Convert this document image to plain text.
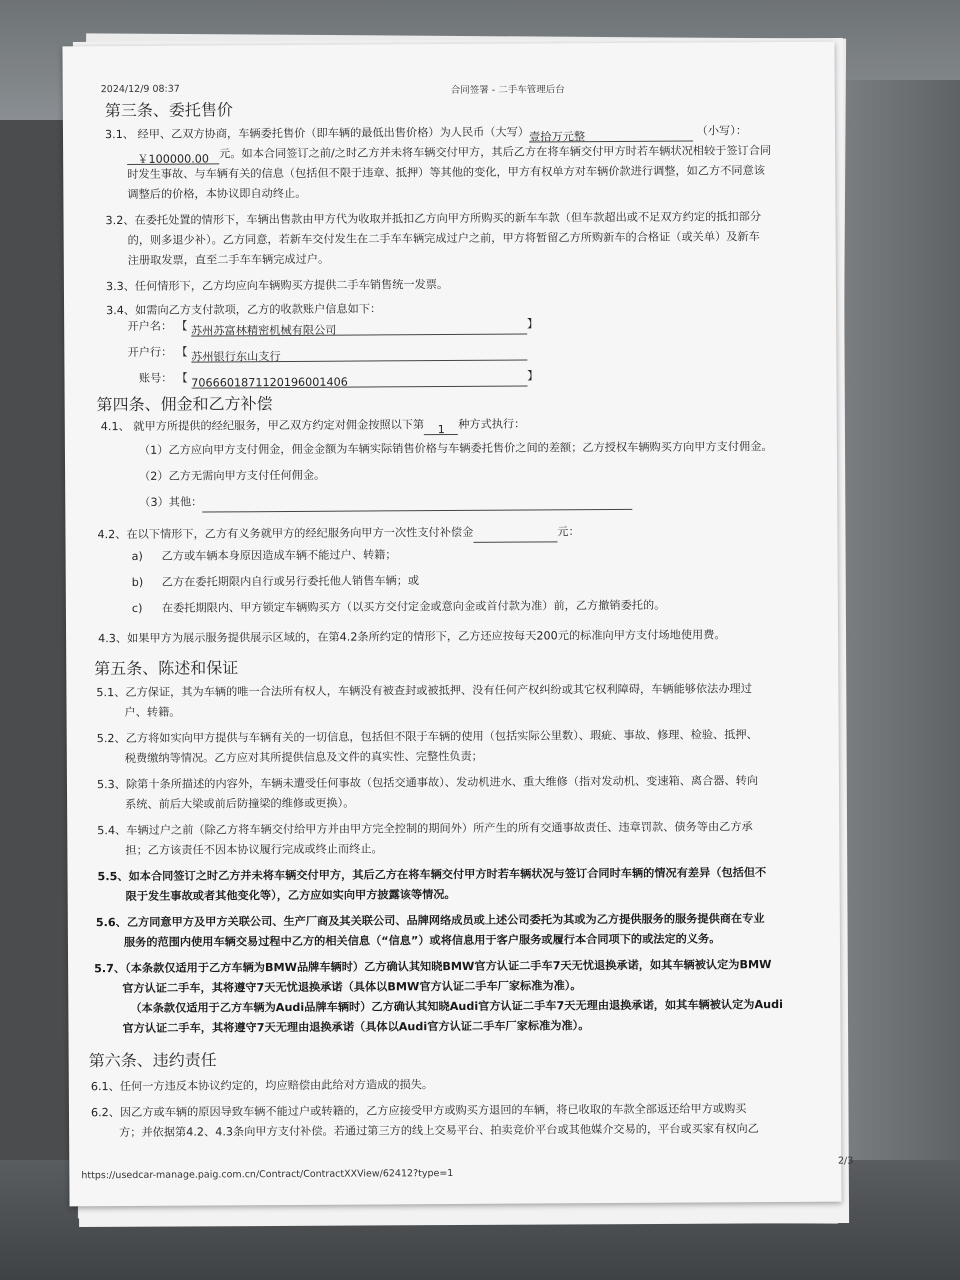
2024/12/9 08:37	合同签署 - 二手车管理后台
第三条、委托售价
3.1、 经甲、乙双方协商，车辆委托售价（即车辆的最低出售价格）为人民币（大写）壹拾万元整	（小写）：
￥100000.00 元。如本合同签订之前/之时乙方并未将车辆交付甲方，其后乙方在将车辆交付甲方时若车辆状况相较于签订合同
时发生事故、与车辆有关的信息（包括但不限于违章、抵押）等其他的变化，甲方有权单方对车辆价款进行调整，如乙方不同意该
调整后的价格，本协议即自动终止。
3.2、在委托处置的情形下，车辆出售款由甲方代为收取并抵扣乙方向甲方所购买的新车车款（但车款超出或不足双方约定的抵扣部分
的，则多退少补）。乙方同意，若新车交付发生在二手车车辆完成过户之前，甲方将暂留乙方所购新车的合格证（或关单）及新车
注册取发票，直至二手车车辆完成过户。
3.3、任何情形下，乙方均应向车辆购买方提供二手车销售统一发票。
3.4、如需向乙方支付款项，乙方的收款账户信息如下：
开户名： 【 苏州苏富林精密机械有限公司	】
开户行： 【 苏州银行东山支行
账号： 【 706660187112019600140​6	】
第四条、佣金和乙方补偿
4.1、 就甲方所提供的经纪服务，甲乙双方约定对佣金按照以下第 1 种方式执行：
（1）乙方应向甲方支付佣金，佣金金额为车辆实际销售价格与车辆委托售价之间的差额；乙方授权车辆购买方向甲方支付佣金。
（2）乙方无需向甲方支付任何佣金。
（3）其他：
4.2、在以下情形下，乙方有义务就甲方的经纪服务向甲方一次性支付补偿金	元：
a) 乙方或车辆本身原因造成车辆不能过户、转籍；
b) 乙方在委托期限内自行或另行委托他人销售车辆；或
c) 在委托期限内、甲方锁定车辆购买方（以买方交付定金或意向金或首付款为准）前，乙方撤销委托的。
4.3、如果甲方为展示服务提供展示区域的，在第4.2条所约定的情形下，乙方还应按每天200元的标准向甲方支付场地使用费。
第五条、陈述和保证
5.1、乙方保证，其为车辆的唯一合法所有权人，车辆没有被查封或被抵押、没有任何产权纠纷或其它权利障碍，车辆能够依法办理过
户、转籍。
5.2、乙方将如实向甲方提供与车辆有关的一切信息，包括但不限于车辆的使用（包括实际公里数）、瑕疵、事故、修理、检验、抵押、
税费缴纳等情况。乙方应对其所提供信息及文件的真实性、完整性负责；
5.3、除第十条所描述的内容外，车辆未遭受任何事故（包括交通事故）、发动机进水、重大维修（指对发动机、变速箱、离合器、转向
系统、前后大梁或前后防撞梁的维修或更换）。
5.4、车辆过户之前（除乙方将车辆交付给甲方并由甲方完全控制的期间外）所产生的所有交通事故责任、违章罚款、债务等由乙方承
担；乙方该责任不因本协议履行完成或终止而终止。
5.5、如本合同签订之时乙方并未将车辆交付甲方，其后乙方在将车辆交付甲方时若车辆状况与签订合同时车辆的情况有差异（包括但不
限于发生事故或者其他变化等），乙方应如实向甲方披露该等情况。
5.6、乙方同意甲方及甲方关联公司、生产厂商及其关联公司、品牌网络成员或上述公司委托为其或为乙方提供服务的服务提供商在专业
服务的范围内使用车辆交易过程中乙方的相关信息（“信息”）或将信息用于客户服务或履行本合同项下的或法定的义务。
5.7、（本条款仅适用于乙方车辆为BMW品牌车辆时）乙方确认其知晓BMW官方认证二手车7天无忧退换承诺，如其车辆被认定为BMW
官方认证二手车，其将遵守7天无忧退换承诺（具体以BMW官方认证二手车厂家标准为准）。
（本条款仅适用于乙方车辆为Audi品牌车辆时）乙方确认其知晓Audi官方认证二手车7天无理由退换承诺，如其车辆被认定为Audi
官方认证二手车，其将遵守7天无理由退换承诺（具体以Audi官方认证二手车厂家标准为准）。
第六条、违约责任
6.1、任何一方违反本协议约定的，均应赔偿由此给对方造成的损失。
6.2、因乙方或车辆的原因导致车辆不能过户或转籍的，乙方应接受甲方或购买方退回的车辆，将已收取的车款全部返还给甲方或购买
方；并依据第4.2、4.3条向甲方支付补偿。若通过第三方的线上交易平台、拍卖竞价平台或其他媒介交易的，平台或买家有权向乙
https://usedcar-manage.paig.com.cn/Contract/ContractXXView/62412?type=1
2/3
